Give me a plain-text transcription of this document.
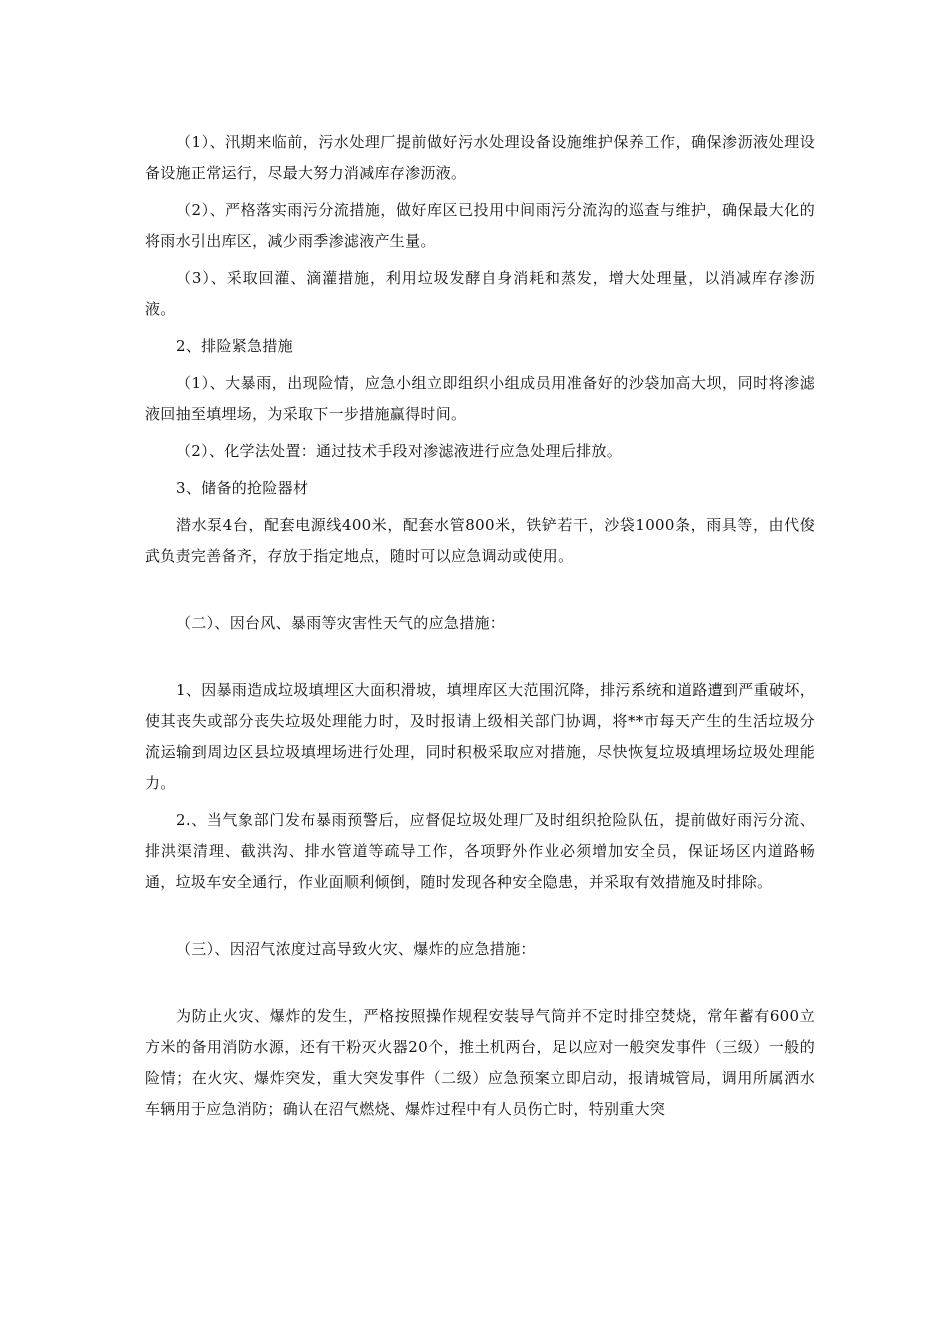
（1）、汛期来临前，污水处理厂提前做好污水处理设备设施维护保养工作，确保渗沥液处理设备设施正常运行，尽最大努力消减库存渗沥液。

（2）、严格落实雨污分流措施，做好库区已投用中间雨污分流沟的巡查与维护，确保最大化的将雨水引出库区，减少雨季渗滤液产生量。

（3）、采取回灌、滴灌措施，利用垃圾发酵自身消耗和蒸发，增大处理量，以消减库存渗沥液。

2、排险紧急措施

（1）、大暴雨，出现险情，应急小组立即组织小组成员用准备好的沙袋加高大坝，同时将渗滤液回抽至填埋场，为采取下一步措施赢得时间。

（2）、化学法处置：通过技术手段对渗滤液进行应急处理后排放。

3、储备的抢险器材

潜水泵4台，配套电源线400米，配套水管800米，铁铲若干，沙袋1000条，雨具等，由代俊武负责完善备齐，存放于指定地点，随时可以应急调动或使用。

（二）、因台风、暴雨等灾害性天气的应急措施：

1、因暴雨造成垃圾填埋区大面积滑坡，填埋库区大范围沉降，排污系统和道路遭到严重破坏，使其丧失或部分丧失垃圾处理能力时，及时报请上级相关部门协调，将**市每天产生的生活垃圾分流运输到周边区县垃圾填埋场进行处理，同时积极采取应对措施，尽快恢复垃圾填埋场垃圾处理能力。

2.、当气象部门发布暴雨预警后，应督促垃圾处理厂及时组织抢险队伍，提前做好雨污分流、排洪渠清理、截洪沟、排水管道等疏导工作，各项野外作业必须增加安全员，保证场区内道路畅通，垃圾车安全通行，作业面顺利倾倒，随时发现各种安全隐患，并采取有效措施及时排除。

（三）、因沼气浓度过高导致火灾、爆炸的应急措施：

为防止火灾、爆炸的发生，严格按照操作规程安装导气筒并不定时排空焚烧，常年蓄有600立方米的备用消防水源，还有干粉灭火器20个，推土机两台，足以应对一般突发事件（三级）一般的险情；在火灾、爆炸突发，重大突发事件（二级）应急预案立即启动，报请城管局，调用所属洒水车辆用于应急消防；确认在沼气燃烧、爆炸过程中有人员伤亡时，特别重大突
